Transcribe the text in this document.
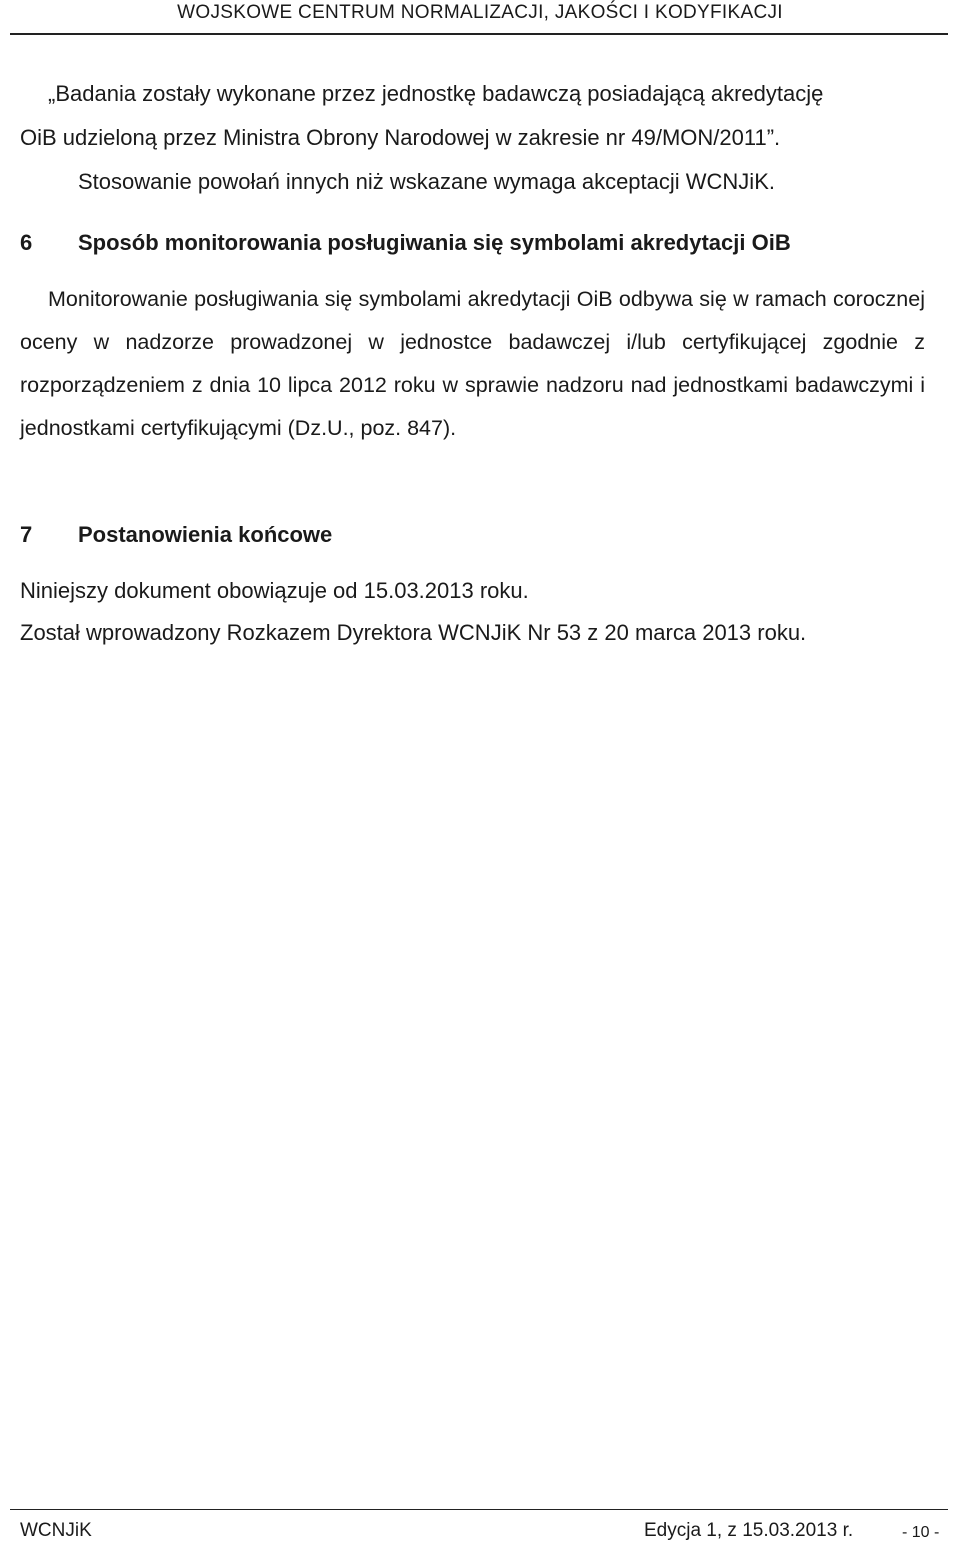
WOJSKOWE CENTRUM NORMALIZACJI, JAKOŚCI I KODYFIKACJI
„Badania zostały wykonane przez jednostkę badawczą posiadającą akredytację
OiB udzieloną przez Ministra Obrony Narodowej w zakresie nr 49/MON/2011”.
Stosowanie powołań innych niż wskazane wymaga akceptacji WCNJiK.
6 Sposób monitorowania posługiwania się symbolami akredytacji OiB
Monitorowanie posługiwania się symbolami akredytacji OiB odbywa się w ramach corocznej oceny w nadzorze prowadzonej w jednostce badawczej i/lub certyfikującej zgodnie z rozporządzeniem z dnia 10 lipca 2012 roku w sprawie nadzoru nad jednostkami badawczymi i jednostkami certyfikującymi (Dz.U., poz. 847).
7 Postanowienia końcowe
Niniejszy dokument obowiązuje od 15.03.2013 roku.
Został wprowadzony Rozkazem Dyrektora WCNJiK Nr 53 z 20 marca 2013 roku.
WCNJiK	Edycja 1, z 15.03.2013 r.	- 10 -
